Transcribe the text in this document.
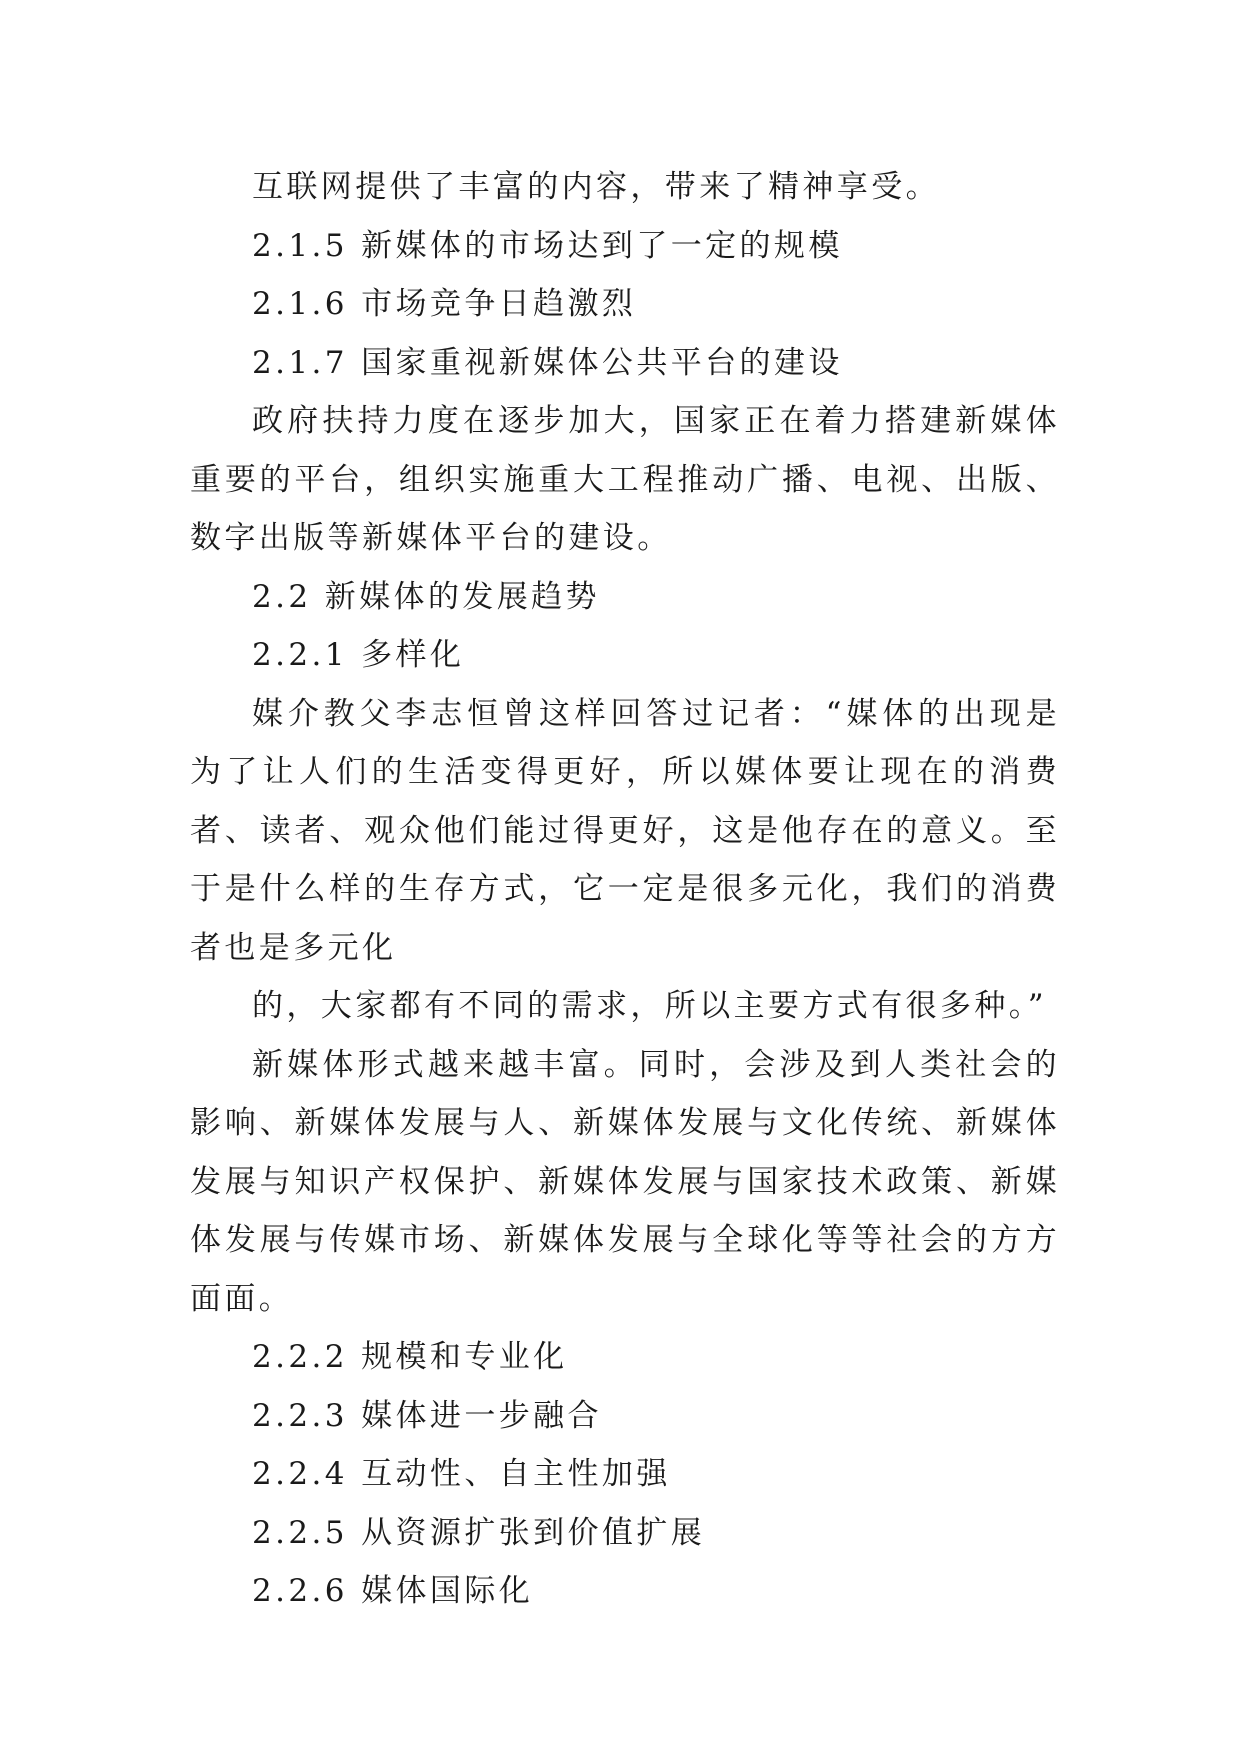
互联网提供了丰富的内容，带来了精神享受。

2.1.5 新媒体的市场达到了一定的规模

2.1.6 市场竞争日趋激烈

2.1.7 国家重视新媒体公共平台的建设

政府扶持力度在逐步加大，国家正在着力搭建新媒体重要的平台，组织实施重大工程推动广播、电视、出版、数字出版等新媒体平台的建设。

2.2 新媒体的发展趋势

2.2.1 多样化

媒介教父李志恒曾这样回答过记者：“媒体的出现是为了让人们的生活变得更好，所以媒体要让现在的消费者、读者、观众他们能过得更好，这是他存在的意义。至于是什么样的生存方式，它一定是很多元化，我们的消费者也是多元化

的，大家都有不同的需求，所以主要方式有很多种。”

新媒体形式越来越丰富。同时，会涉及到人类社会的影响、新媒体发展与人、新媒体发展与文化传统、新媒体发展与知识产权保护、新媒体发展与国家技术政策、新媒体发展与传媒市场、新媒体发展与全球化等等社会的方方面面。

2.2.2 规模和专业化

2.2.3 媒体进一步融合

2.2.4 互动性、自主性加强

2.2.5 从资源扩张到价值扩展

2.2.6 媒体国际化
